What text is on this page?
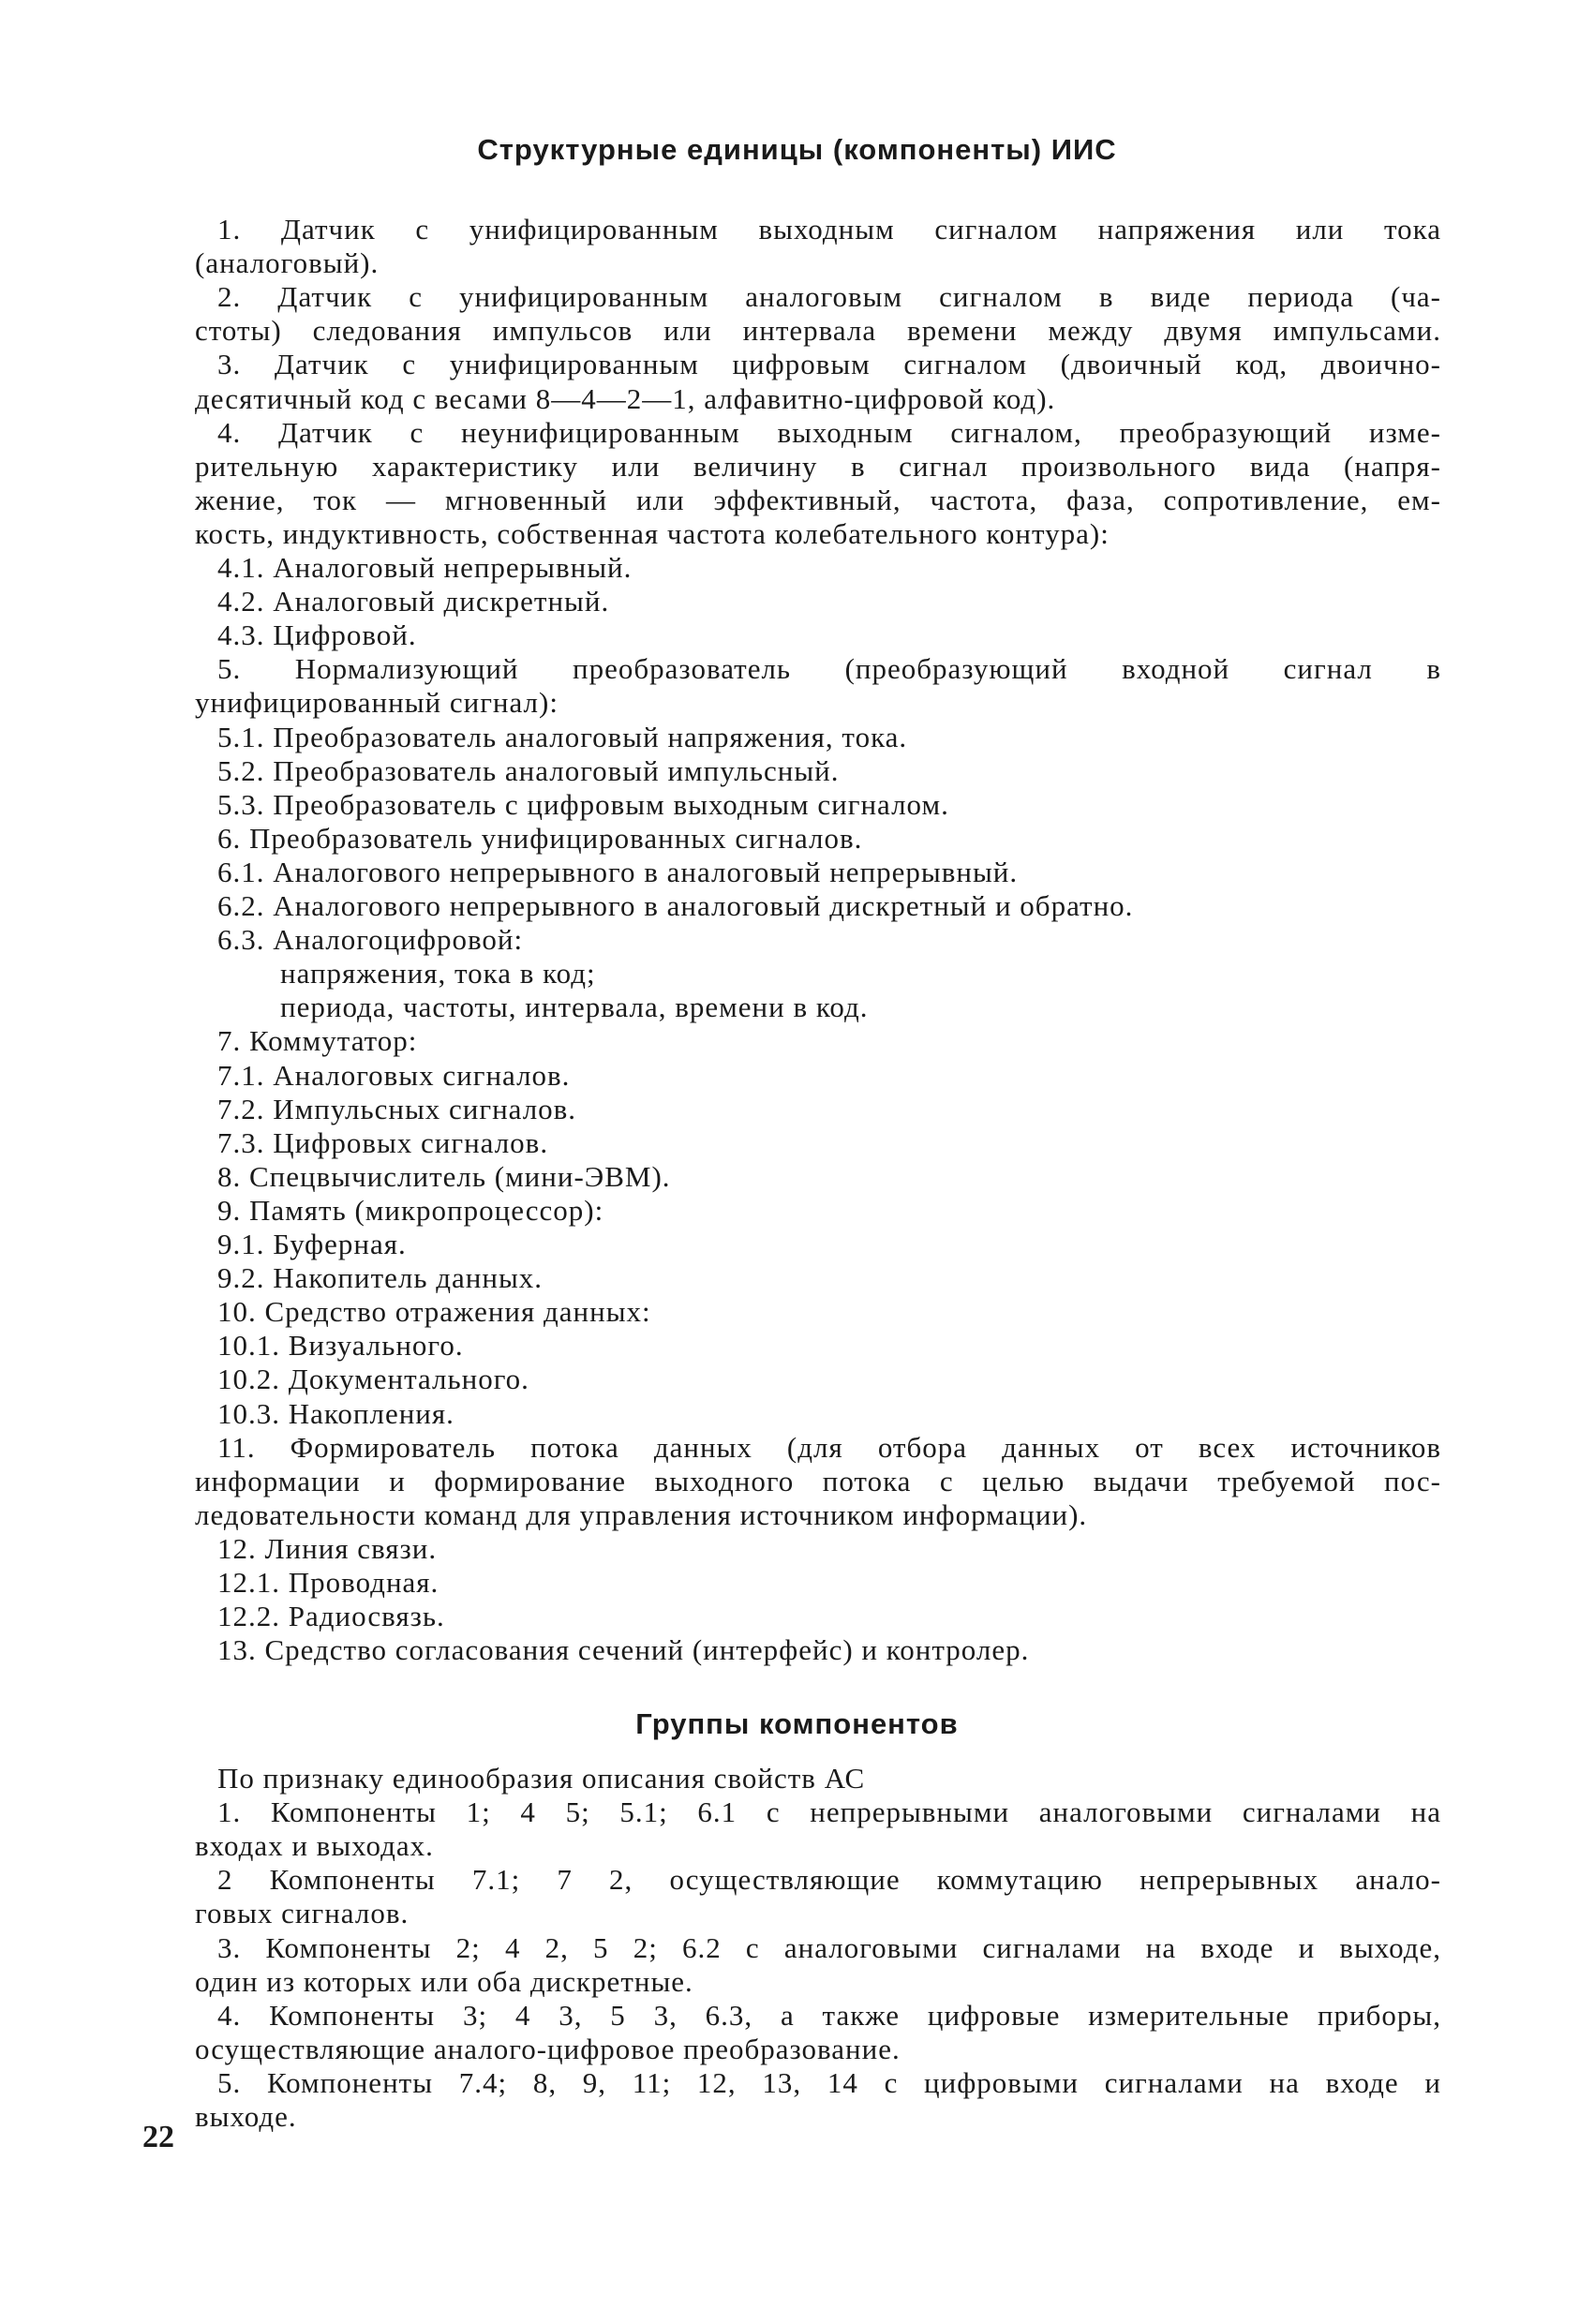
Структурные единицы (компоненты) ИИС
1. Датчик с унифицированным выходным сигналом напряжения или тока
(аналоговый).
2. Датчик с унифицированным аналоговым сигналом в виде периода (ча-
стоты) следования импульсов или интервала времени между двумя импульсами.
3. Датчик с унифицированным цифровым сигналом (двоичный код, двоично-
десятичный код с весами 8—4—2—1, алфавитно-цифровой код).
4. Датчик с неунифицированным выходным сигналом, преобразующий изме-
рительную характеристику или величину в сигнал произвольного вида (напря-
жение, ток — мгновенный или эффективный, частота, фаза, сопротивление, ем-
кость, индуктивность, собственная частота колебательного контура):
4.1. Аналоговый непрерывный.
4.2. Аналоговый дискретный.
4.3. Цифровой.
5. Нормализующий преобразователь (преобразующий входной сигнал в
унифицированный сигнал):
5.1. Преобразователь аналоговый напряжения, тока.
5.2. Преобразователь аналоговый импульсный.
5.3. Преобразователь с цифровым выходным сигналом.
6. Преобразователь унифицированных сигналов.
6.1. Аналогового непрерывного в аналоговый непрерывный.
6.2. Аналогового непрерывного в аналоговый дискретный и обратно.
6.3. Аналогоцифровой:
напряжения, тока в код;
периода, частоты, интервала, времени в код.
7. Коммутатор:
7.1. Аналоговых сигналов.
7.2. Импульсных сигналов.
7.3. Цифровых сигналов.
8. Спецвычислитель (мини-ЭВМ).
9. Память (микропроцессор):
9.1. Буферная.
9.2. Накопитель данных.
10. Средство отражения данных:
10.1. Визуального.
10.2. Документального.
10.3. Накопления.
11. Формирователь потока данных (для отбора данных от всех источников
информации и формирование выходного потока с целью выдачи требуемой пос-
ледовательности команд для управления источником информации).
12. Линия связи.
12.1. Проводная.
12.2. Радиосвязь.
13. Средство согласования сечений (интерфейс) и контролер.
Группы компонентов
По признаку единообразия описания свойств АС
1. Компоненты 1; 4 5; 5.1; 6.1 с непрерывными аналоговыми сигналами на
входах и выходах.
2 Компоненты 7.1; 7 2, осуществляющие коммутацию непрерывных анало-
говых сигналов.
3. Компоненты 2; 4 2, 5 2; 6.2 с аналоговыми сигналами на входе и выходе,
один из которых или оба дискретные.
4. Компоненты 3; 4 3, 5 3, 6.3, а также цифровые измерительные приборы,
осуществляющие аналого-цифровое преобразование.
5. Компоненты 7.4; 8, 9, 11; 12, 13, 14 с цифровыми сигналами на входе и
выходе.
22
